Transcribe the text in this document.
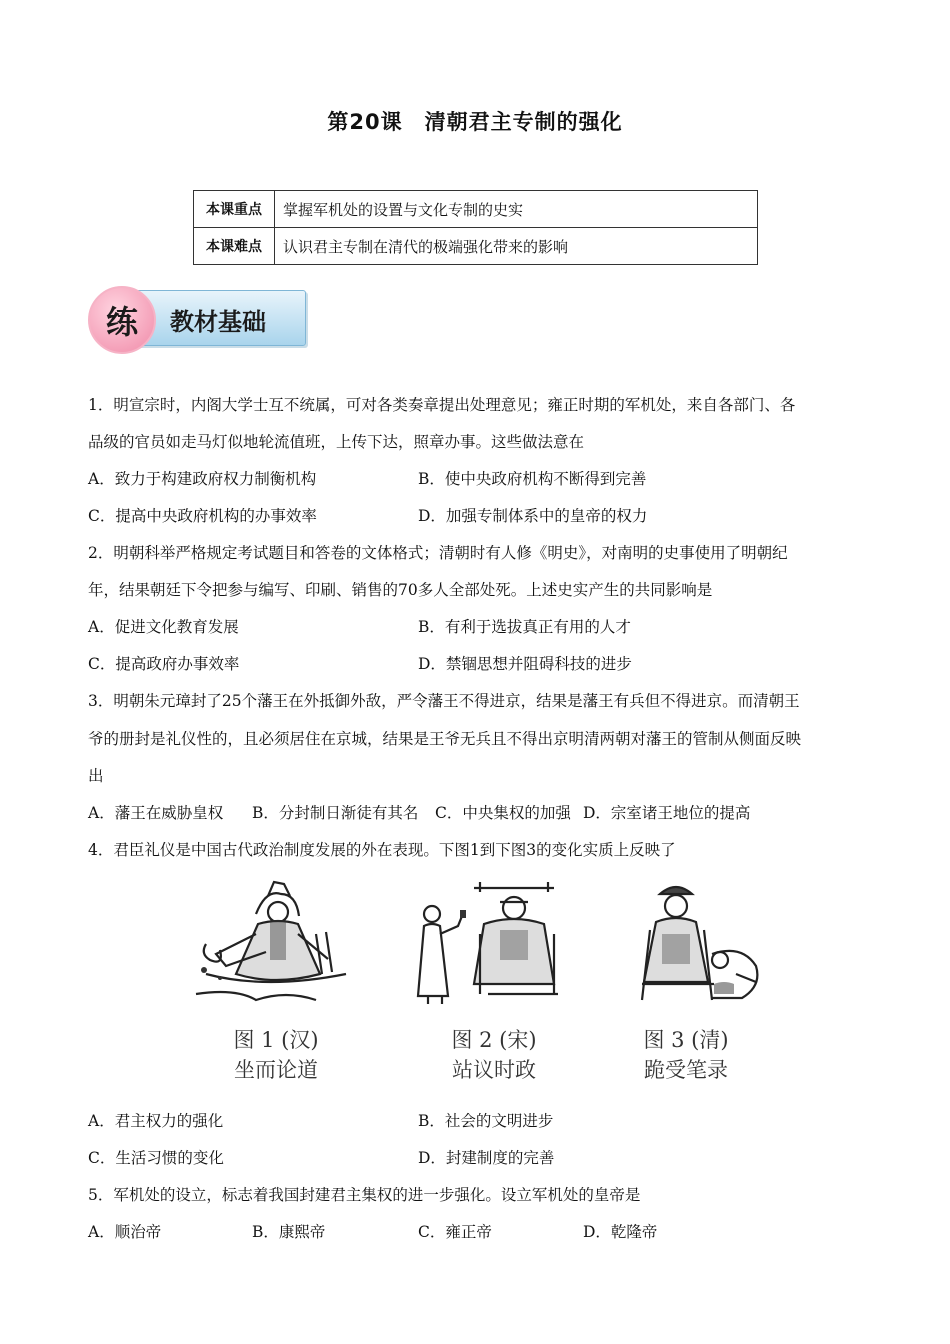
第20课　清朝君主专制的强化
本课重点	掌握军机处的设置与文化专制的史实
本课难点	认识君主专制在清代的极端强化带来的影响
练	教材基础
1．明宣宗时，内阁大学士互不统属，可对各类奏章提出处理意见；雍正时期的军机处，来自各部门、各
品级的官员如走马灯似地轮流值班，上传下达，照章办事。这些做法意在
A．致力于构建政府权力制衡机构	B．使中央政府机构不断得到完善
C．提高中央政府机构的办事效率	D．加强专制体系中的皇帝的权力
2．明朝科举严格规定考试题目和答卷的文体格式；清朝时有人修《明史》，对南明的史事使用了明朝纪
年，结果朝廷下令把参与编写、印刷、销售的70多人全部处死。上述史实产生的共同影响是
A．促进文化教育发展	B．有利于选拔真正有用的人才
C．提高政府办事效率	D．禁锢思想并阻碍科技的进步
3．明朝朱元璋封了25个藩王在外抵御外敌，严令藩王不得进京，结果是藩王有兵但不得进京。而清朝王
爷的册封是礼仪性的，且必须居住在京城，结果是王爷无兵且不得出京明清两朝对藩王的管制从侧面反映
出
A．藩王在威胁皇权 B．分封制日渐徒有其名 C．中央集权的加强 D．宗室诸王地位的提高
4．君臣礼仪是中国古代政治制度发展的外在表现。下图1到下图3的变化实质上反映了
图 1 (汉)
坐而论道
图 2 (宋)
站议时政
图 3 (清)
跪受笔录
A．君主权力的强化	B．社会的文明进步
C．生活习惯的变化	D．封建制度的完善
5．军机处的设立，标志着我国封建君主集权的进一步强化。设立军机处的皇帝是
A．顺治帝	B．康熙帝	C．雍正帝	D．乾隆帝
